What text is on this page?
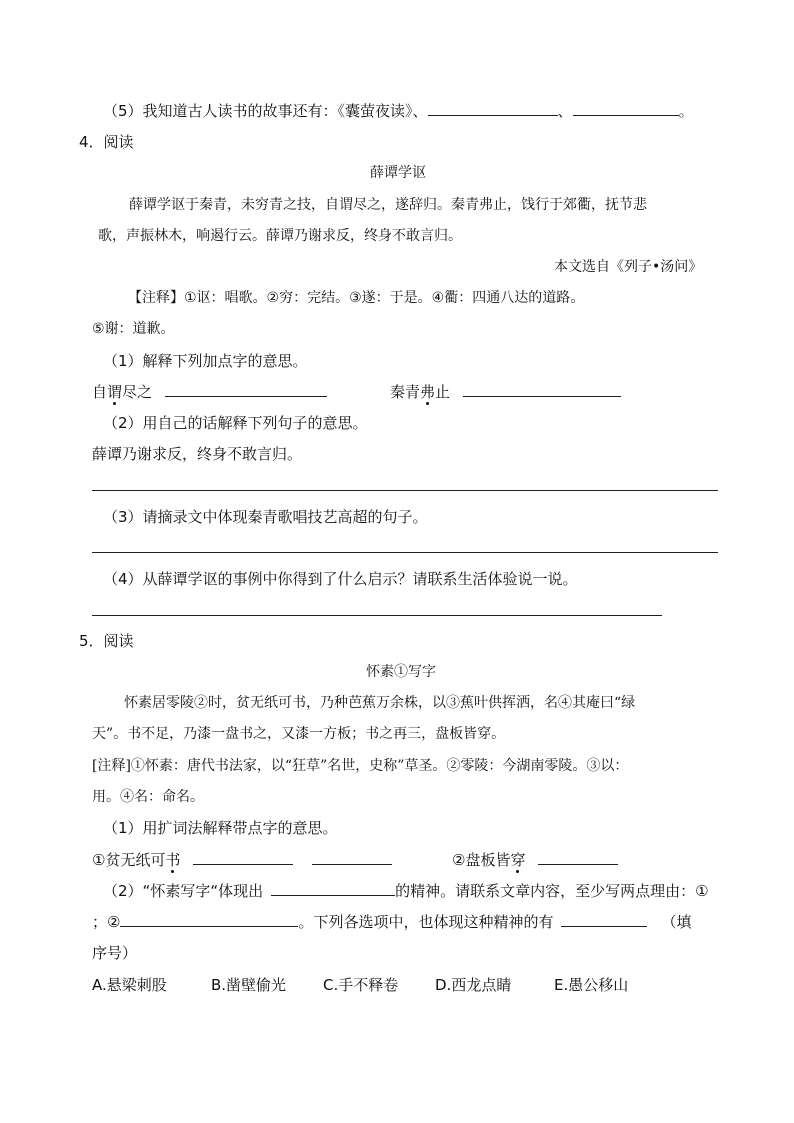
（5）我知道古人读书的故事还有：《囊萤夜读》、	、	。
4．阅读
薛谭学讴
薛谭学讴于秦青，未穷青之技，自谓尽之，遂辞归。秦青弗止，饯行于郊衢，抚节悲
歌，声振林木，响遏行云。薛谭乃谢求反，终身不敢言归。
本文选自《列子•汤问》
【注释】①讴：唱歌。②穷：完结。③遂：于是。④衢：四通八达的道路。
⑤谢：道歉。
（1）解释下列加点字的意思。
自谓尽之	秦青弗止
（2）用自己的话解释下列句子的意思。
薛谭乃谢求反，终身不敢言归。
（3）请摘录文中体现秦青歌唱技艺高超的句子。
（4）从薛谭学讴的事例中你得到了什么启示？请联系生活体验说一说。
5．阅读
怀素①写字
怀素居零陵②时，贫无纸可书，乃种芭蕉万余株，以③蕉叶供挥洒，名④其庵曰“绿
天”。书不足，乃漆一盘书之，又漆一方板；书之再三，盘板皆穿。
[注释]①怀素：唐代书法家，以“狂草”名世，史称”草圣。②零陵：今湖南零陵。③以：
用。④名：命名。
（1）用扩词法解释带点字的意思。
①贫无纸可书	②盘板皆穿
（2）“怀素写字“体现出	的精神。请联系文章内容，至少写两点理由：①
；②	。下列各选项中，也体现这种精神的有	（填
序号）
A.悬梁刺股	B.凿壁偷光 C.手不释卷 D.西龙点睛	E.愚公移山
